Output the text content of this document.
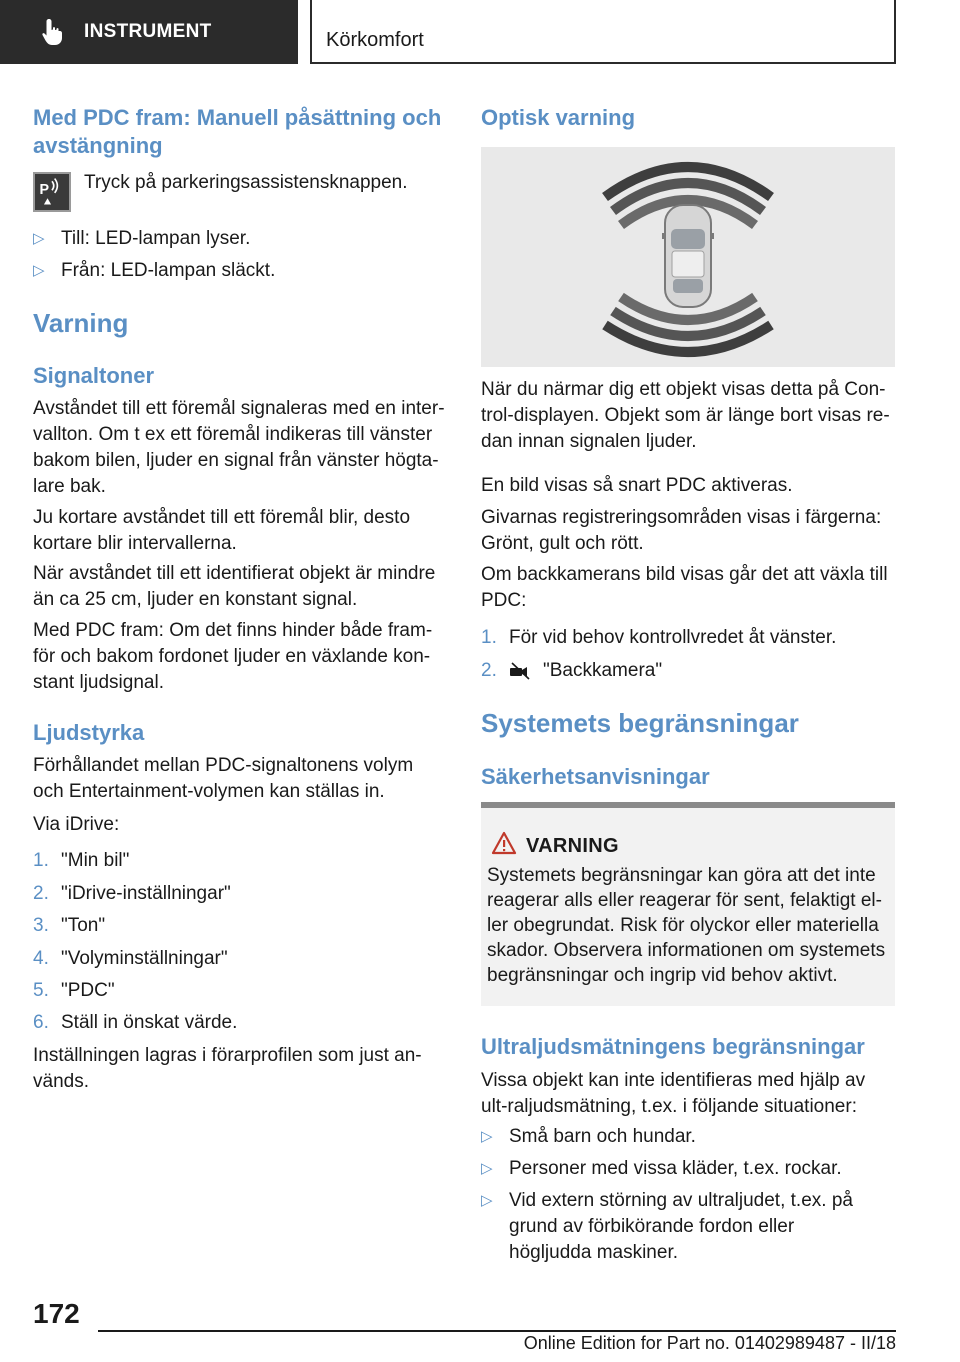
INSTRUMENT	Körkomfort
Med PDC fram: Manuell påsättning och avstängning
P Tryck på parkeringsassistensknappen.
▷ Till: LED-lampan lyser.
▷ Från: LED-lampan släckt.
Varning
Signaltoner
Avståndet till ett föremål signaleras med en inter-vallton. Om t ex ett föremål indikeras till vänster bakom bilen, ljuder en signal från vänster högta-lare bak.
Ju kortare avståndet till ett föremål blir, desto kortare blir intervallerna.
När avståndet till ett identifierat objekt är mindre än ca 25 cm, ljuder en konstant signal.
Med PDC fram: Om det finns hinder både fram-för och bakom fordonet ljuder en växlande kon-stant ljudsignal.
Ljudstyrka
Förhållandet mellan PDC-signaltonens volym och Entertainment-volymen kan ställas in.
Via iDrive:
1. "Min bil"
2. "iDrive-inställningar"
3. "Ton"
4. "Volyminställningar"
5. "PDC"
6. Ställ in önskat värde.
Inställningen lagras i förarprofilen som just an-vänds.
Optisk varning
När du närmar dig ett objekt visas detta på Con-trol-displayen. Objekt som är länge bort visas re-dan innan signalen ljuder.
En bild visas så snart PDC aktiveras.
Givarnas registreringsområden visas i färgerna: Grönt, gult och rött.
Om backkamerans bild visas går det att växla till PDC:
1. För vid behov kontrollvredet åt vänster.
2. "Backkamera"
Systemets begränsningar
Säkerhetsanvisningar
VARNING
Systemets begränsningar kan göra att det inte reagerar alls eller reagerar för sent, felaktigt el-ler obegrundat. Risk för olyckor eller materiella skador. Observera informationen om systemets begränsningar och ingrip vid behov aktivt.
Ultraljudsmätningens begränsningar
Vissa objekt kan inte identifieras med hjälp av ult-raljudsmätning, t.ex. i följande situationer:
▷ Små barn och hundar.
▷ Personer med vissa kläder, t.ex. rockar.
▷ Vid extern störning av ultraljudet, t.ex. på grund av förbikörande fordon eller högljudda maskiner.
172
Online Edition for Part no. 01402989487 - II/18
